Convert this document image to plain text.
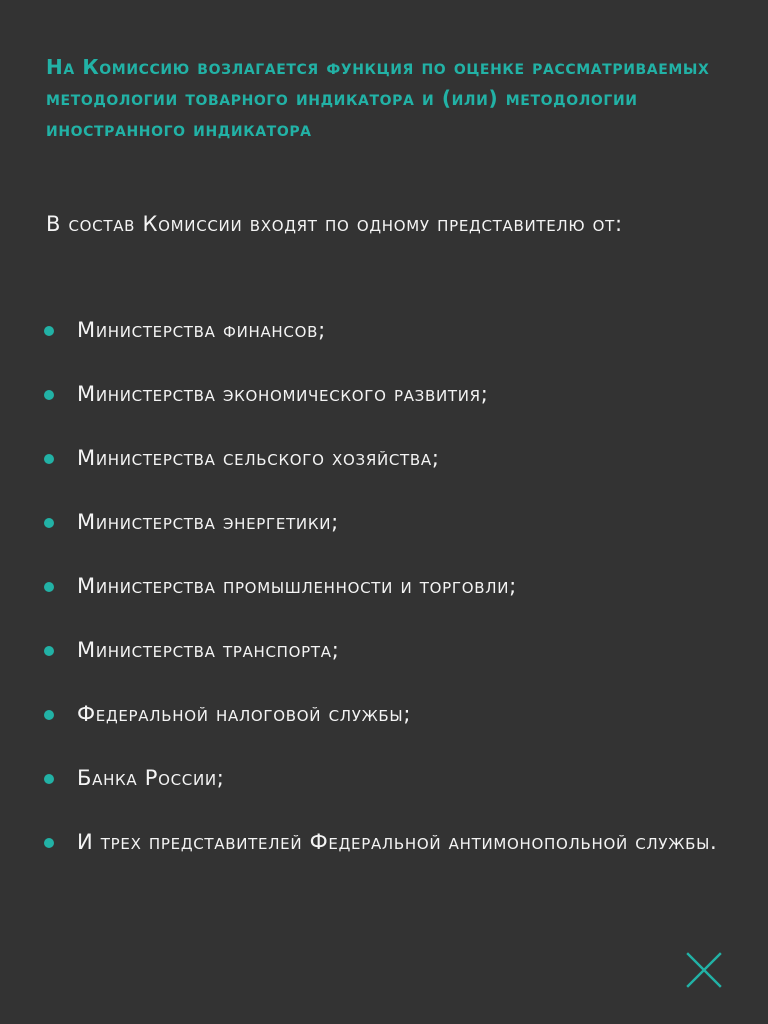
На Комиссию возлагается функция по оценке рассматриваемых методологии товарного индикатора и (или) методологии иностранного индикатора

В состав Комиссии входят по одному представителю от:

Министерства финансов;
Министерства экономического развития;
Министерства сельского хозяйства;
Министерства энергетики;
Министерства промышленности и торговли;
Министерства транспорта;
Федеральной налоговой службы;
Банка России;
И трех представителей Федеральной антимонопольной службы.
